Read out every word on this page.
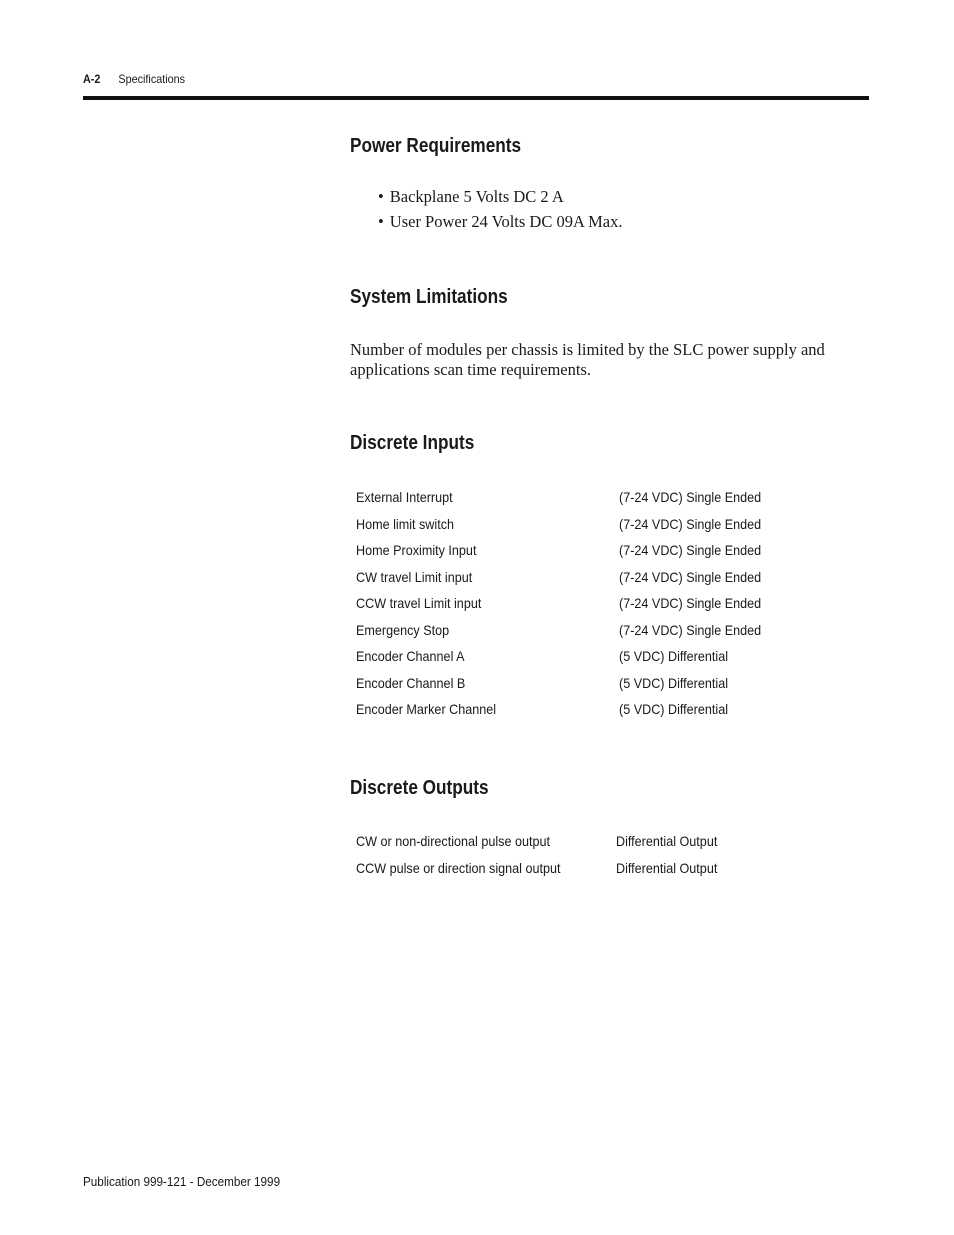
A-2 Specifications
Power Requirements
• Backplane 5 Volts DC 2 A
• User Power 24 Volts DC 09A Max.
System Limitations

Number of modules per chassis is limited by the SLC power supply and applications scan time requirements.

Discrete Inputs
External Interrupt	(7-24 VDC) Single Ended
Home limit switch	(7-24 VDC) Single Ended
Home Proximity Input	(7-24 VDC) Single Ended
CW travel Limit input	(7-24 VDC) Single Ended
CCW travel Limit input	(7-24 VDC) Single Ended
Emergency Stop	(7-24 VDC) Single Ended
Encoder Channel A	(5 VDC) Differential
Encoder Channel B	(5 VDC) Differential
Encoder Marker Channel	(5 VDC) Differential
Discrete Outputs
CW or non-directional pulse output	Differential Output
CCW pulse or direction signal output	Differential Output
Publication 999-121 - December 1999
